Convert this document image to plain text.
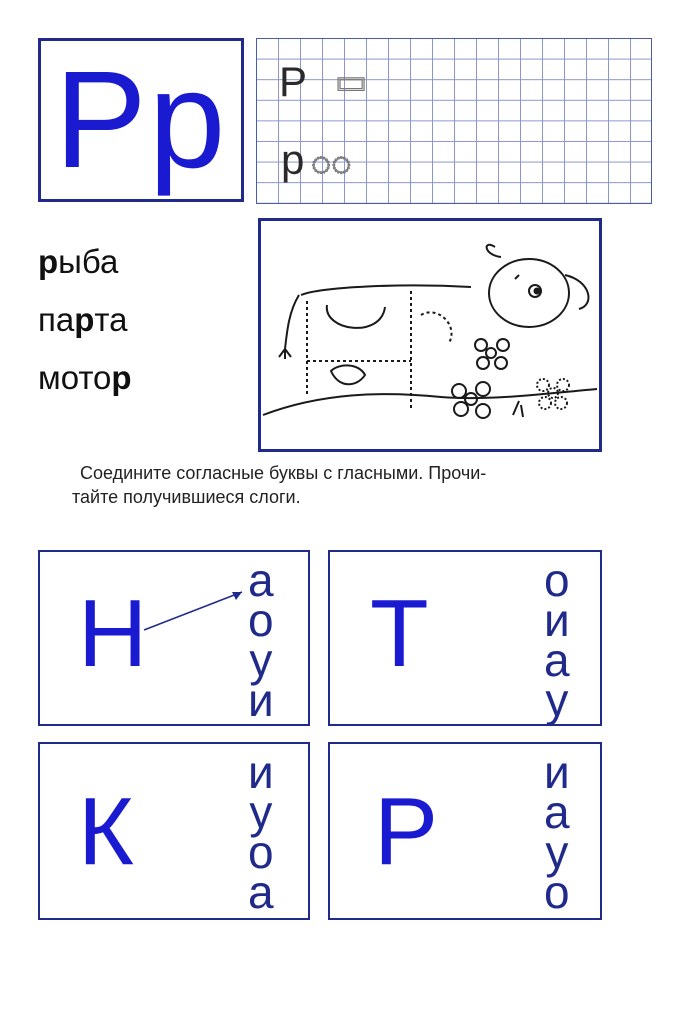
Рр Р ▭
р ◌◌
рыба
парта
мотор
Соедините согласные буквы с гласными. Прочи-
тайте получившиеся слоги.
Н а
о
у
и
Т	о
и
а
у
К
и
у
о
а
Р
и
а
у
о
